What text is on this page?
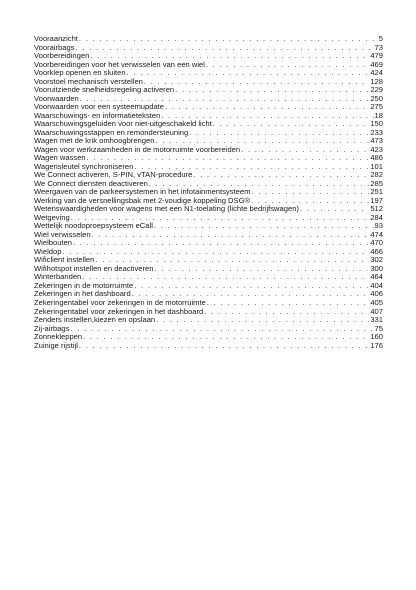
Vooraanzicht . . .	5
Voorairbags . . .	73
Voorbereidingen . . .	479
Voorbereidingen voor het verwisselen van een wiel . . .	469
Voorklep openen en sluiten . . .	424
Voorstoel mechanisch verstellen . . .	128
Vooruitziende snelheidsregeling activeren . . .	229
Voorwaarden . . .	250
Voorwaarden voor een systeemupdate . . .	275
Waarschuwings- en informatieteksten . . .	18
Waarschuwingsgeluiden voor niet-uitgeschakeld licht . . .	150
Waarschuwingsstappen en remondersteuning . . .	233
Wagen met de krik omhoogbrengen . . .	473
Wagen voor werkzaamheden in de motorruimte voorbereiden . . .	423
Wagen wassen . . .	486
Wagensleutel synchroniseren . . .	101
We Connect activeren, S-PIN, vTAN-procedure . . .	282
We Connect diensten deactiveren . . .	285
Weergaven van de parkeersystemen in het infotainmentsysteem . . .	251
Werking van de versnellingsbak met 2-voudige koppeling DSG® . . .	197
Wetenswaardigheden voor wagens met een N1-toelating (lichte bedrijfswagen) . . .	512
Wetgeving . . .	284
Wettelijk noodoproepsysteem eCall . . .	93
Wiel verwisselen . . .	474
Wielbouten . . .	470
Wieldop . . .	466
Wificlient instellen . . .	302
Wifihotspot instellen en deactiveren . . .	300
Winterbanden . . .	464
Zekeringen in de motorruimte . . .	404
Zekeringen in het dashboard . . .	406
Zekeringentabel voor zekeringen in de motorruimte . . .	405
Zekeringentabel voor zekeringen in het dashboard . . .	407
Zenders instellen,kiezen en opslaan . . .	331
Zij-airbags . . .	75
Zonnekleppen . . .	160
Zuinige rijstijl . . .	176
